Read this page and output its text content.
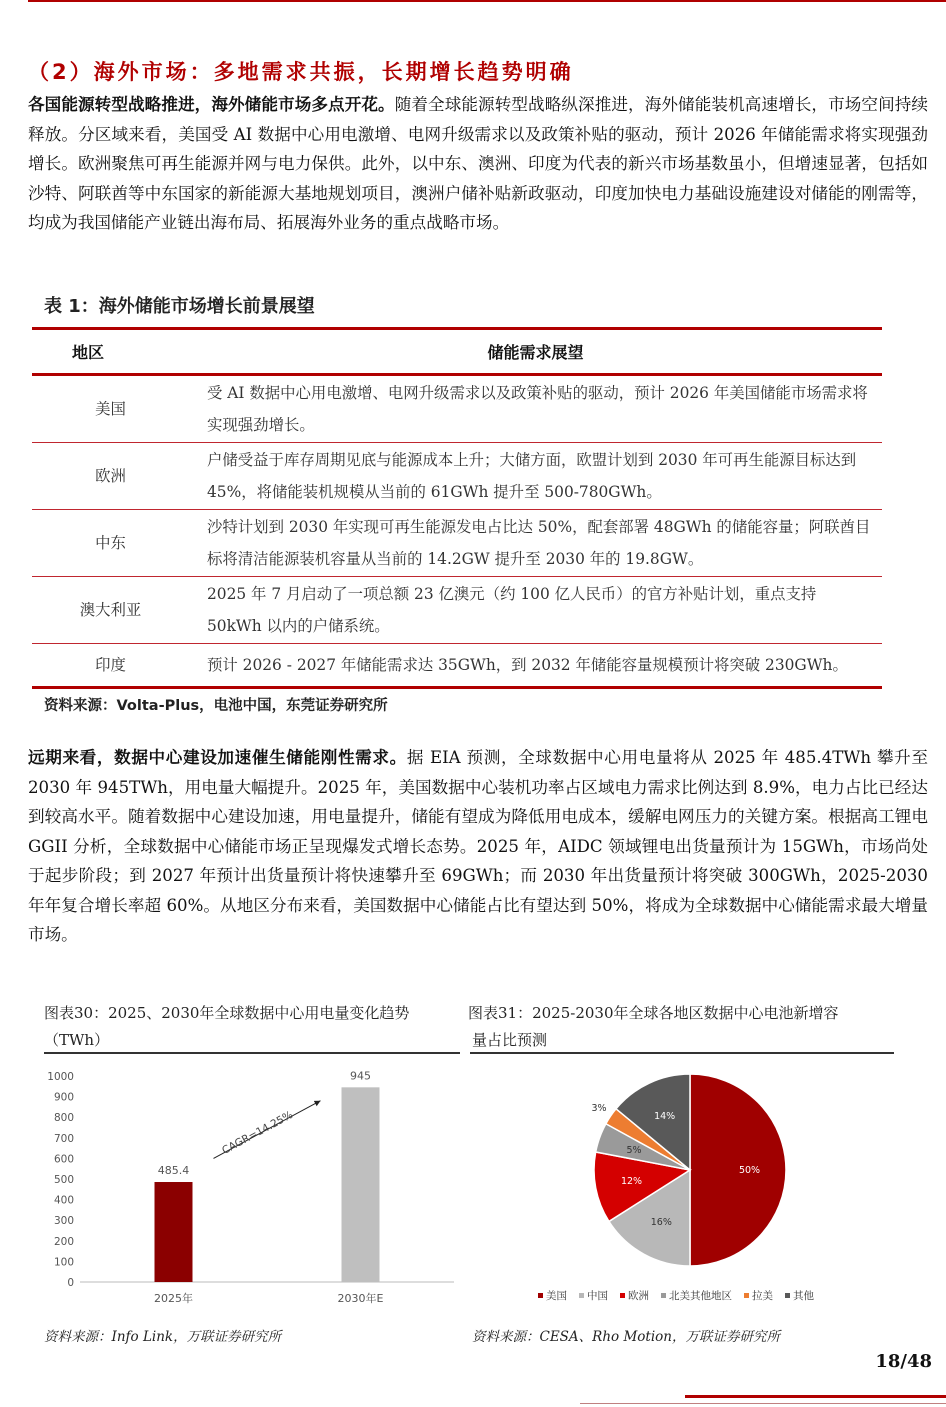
（2）海外市场：多地需求共振，长期增长趋势明确
各国能源转型战略推进，海外储能市场多点开花。随着全球能源转型战略纵深推进，海外储能装机高速增长，市场空间持续释放。分区域来看，美国受 AI 数据中心用电激增、电网升级需求以及政策补贴的驱动，预计 2026 年储能需求将实现强劲增长。欧洲聚焦可再生能源并网与电力保供。此外，以中东、澳洲、印度为代表的新兴市场基数虽小，但增速显著，包括如沙特、阿联酋等中东国家的新能源大基地规划项目，澳洲户储补贴新政驱动，印度加快电力基础设施建设对储能的刚需等，均成为我国储能产业链出海布局、拓展海外业务的重点战略市场。
表 1：海外储能市场增长前景展望
地区	储能需求展望
美国	受 AI 数据中心用电激增、电网升级需求以及政策补贴的驱动，预计 2026 年美国储能市场需求将实现强劲增长。
欧洲	户储受益于库存周期见底与能源成本上升；大储方面，欧盟计划到 2030 年可再生能源目标达到 45%，将储能装机规模从当前的 61GWh 提升至 500-780GWh。
中东	沙特计划到 2030 年实现可再生能源发电占比达 50%，配套部署 48GWh 的储能容量；阿联酋目标将清洁能源装机容量从当前的 14.2GW 提升至 2030 年的 19.8GW。
澳大利亚	2025 年 7 月启动了一项总额 23 亿澳元（约 100 亿人民币）的官方补贴计划，重点支持 50kWh 以内的户储系统。
印度	预计 2026 - 2027 年储能需求达 35GWh，到 2032 年储能容量规模预计将突破 230GWh。
资料来源：Volta-Plus，电池中国，东莞证券研究所
远期来看，数据中心建设加速催生储能刚性需求。据 EIA 预测，全球数据中心用电量将从 2025 年 485.4TWh 攀升至 2030 年 945TWh，用电量大幅提升。2025 年，美国数据中心装机功率占区域电力需求比例达到 8.9%，电力占比已经达到较高水平。随着数据中心建设加速，用电量提升，储能有望成为降低用电成本，缓解电网压力的关键方案。根据高工锂电 GGII 分析，全球数据中心储能市场正呈现爆发式增长态势。2025 年，AIDC 领域锂电出货量预计为 15GWh，市场尚处于起步阶段；到 2027 年预计出货量预计将快速攀升至 69GWh；而 2030 年出货量预计将突破 300GWh，2025-2030 年年复合增长率超 60%。从地区分布来看，美国数据中心储能占比有望达到 50%，将成为全球数据中心储能需求最大增量市场。
图表30：2025、2030年全球数据中心用电量变化趋势
（TWh）
图表31：2025-2030年全球各地区数据中心电池新增容
量占比预测
0
100
200
300
400
500
600
700
800
900
1000
485.4
2025年
945
2030年E
CAGR=14.25%
50%
16%
12%
5%
3%
14%
美国 中国 欧洲 北美其他地区 拉美 其他
资料来源：Info Link，万联证券研究所	资料来源：CESA、Rho Motion，万联证券研究所
18/48
